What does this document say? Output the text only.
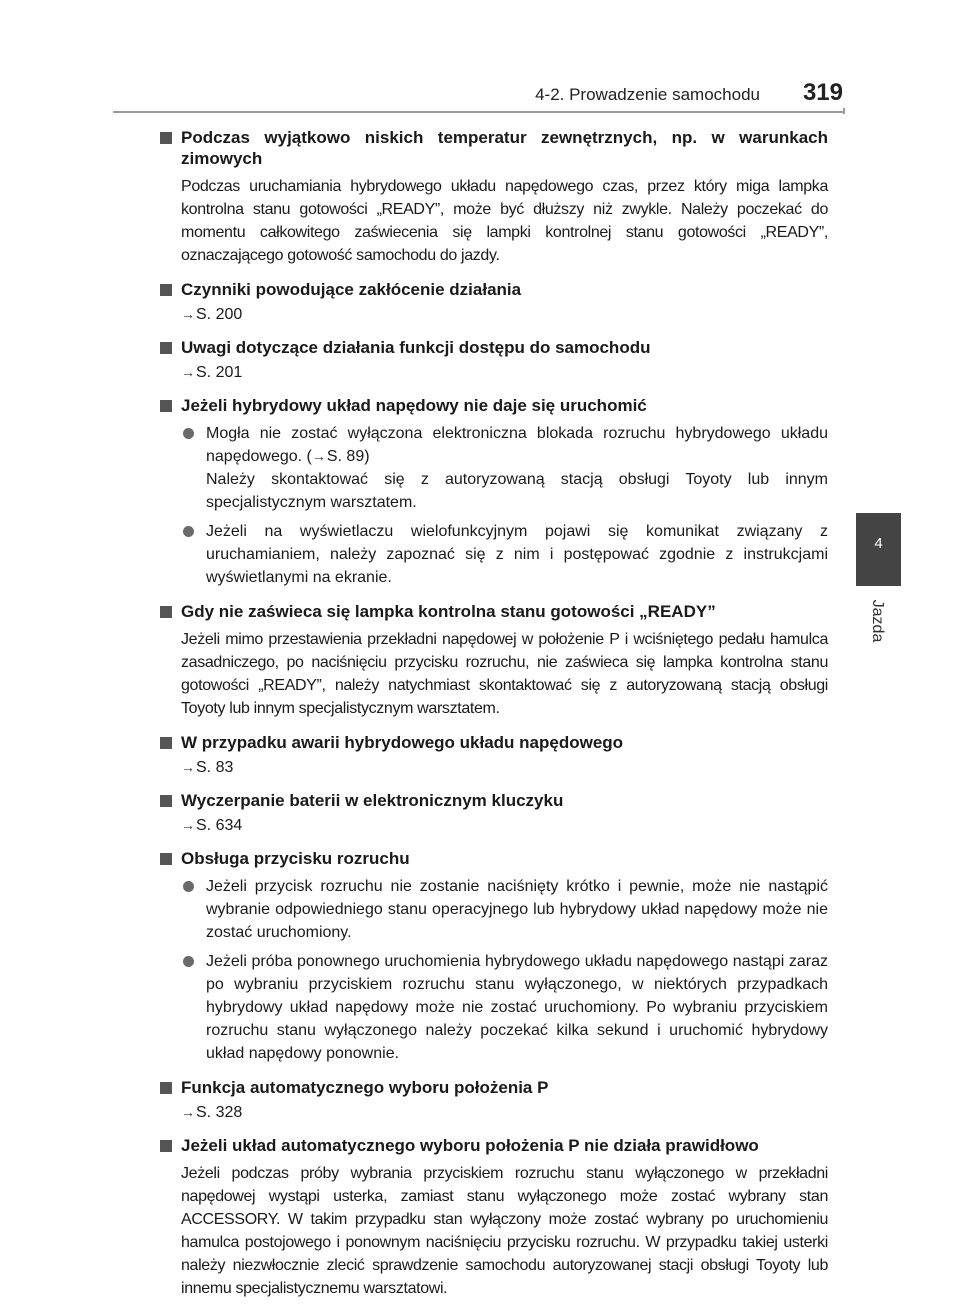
4-2. Prowadzenie samochodu 319
4
Jazda
Podczas wyjątkowo niskich temperatur zewnętrznych, np. w warunkach zimowych
Podczas uruchamiania hybrydowego układu napędowego czas, przez który miga lampka kontrolna stanu gotowości „READY”, może być dłuższy niż zwykle. Należy poczekać do momentu całkowitego zaświecenia się lampki kontrolnej stanu gotowości „READY”, oznaczającego gotowość samochodu do jazdy.
Czynniki powodujące zakłócenie działania
→S. 200
Uwagi dotyczące działania funkcji dostępu do samochodu
→S. 201
Jeżeli hybrydowy układ napędowy nie daje się uruchomić
Mogła nie zostać wyłączona elektroniczna blokada rozruchu hybrydowego układu napędowego. (→S. 89)
Należy skontaktować się z autoryzowaną stacją obsługi Toyoty lub innym specjalistycznym warsztatem.
Jeżeli na wyświetlaczu wielofunkcyjnym pojawi się komunikat związany z uruchamianiem, należy zapoznać się z nim i postępować zgodnie z instrukcjami wyświetlanymi na ekranie.
Gdy nie zaświeca się lampka kontrolna stanu gotowości „READY”
Jeżeli mimo przestawienia przekładni napędowej w położenie P i wciśniętego pedału hamulca zasadniczego, po naciśnięciu przycisku rozruchu, nie zaświeca się lampka kontrolna stanu gotowości „READY”, należy natychmiast skontaktować się z autoryzowaną stacją obsługi Toyoty lub innym specjalistycznym warsztatem.
W przypadku awarii hybrydowego układu napędowego
→S. 83
Wyczerpanie baterii w elektronicznym kluczyku
→S. 634
Obsługa przycisku rozruchu
Jeżeli przycisk rozruchu nie zostanie naciśnięty krótko i pewnie, może nie nastąpić wybranie odpowiedniego stanu operacyjnego lub hybrydowy układ napędowy może nie zostać uruchomiony.
Jeżeli próba ponownego uruchomienia hybrydowego układu napędowego nastąpi zaraz po wybraniu przyciskiem rozruchu stanu wyłączonego, w niektórych przypadkach hybrydowy układ napędowy może nie zostać uruchomiony. Po wybraniu przyciskiem rozruchu stanu wyłączonego należy poczekać kilka sekund i uruchomić hybrydowy układ napędowy ponownie.
Funkcja automatycznego wyboru położenia P
→S. 328
Jeżeli układ automatycznego wyboru położenia P nie działa prawidłowo
Jeżeli podczas próby wybrania przyciskiem rozruchu stanu wyłączonego w przekładni napędowej wystąpi usterka, zamiast stanu wyłączonego może zostać wybrany stan ACCESSORY. W takim przypadku stan wyłączony może zostać wybrany po uruchomieniu hamulca postojowego i ponownym naciśnięciu przycisku rozruchu. W przypadku takiej usterki należy niezwłocznie zlecić sprawdzenie samochodu autoryzowanej stacji obsługi Toyoty lub innemu specjalistycznemu warsztatowi.
